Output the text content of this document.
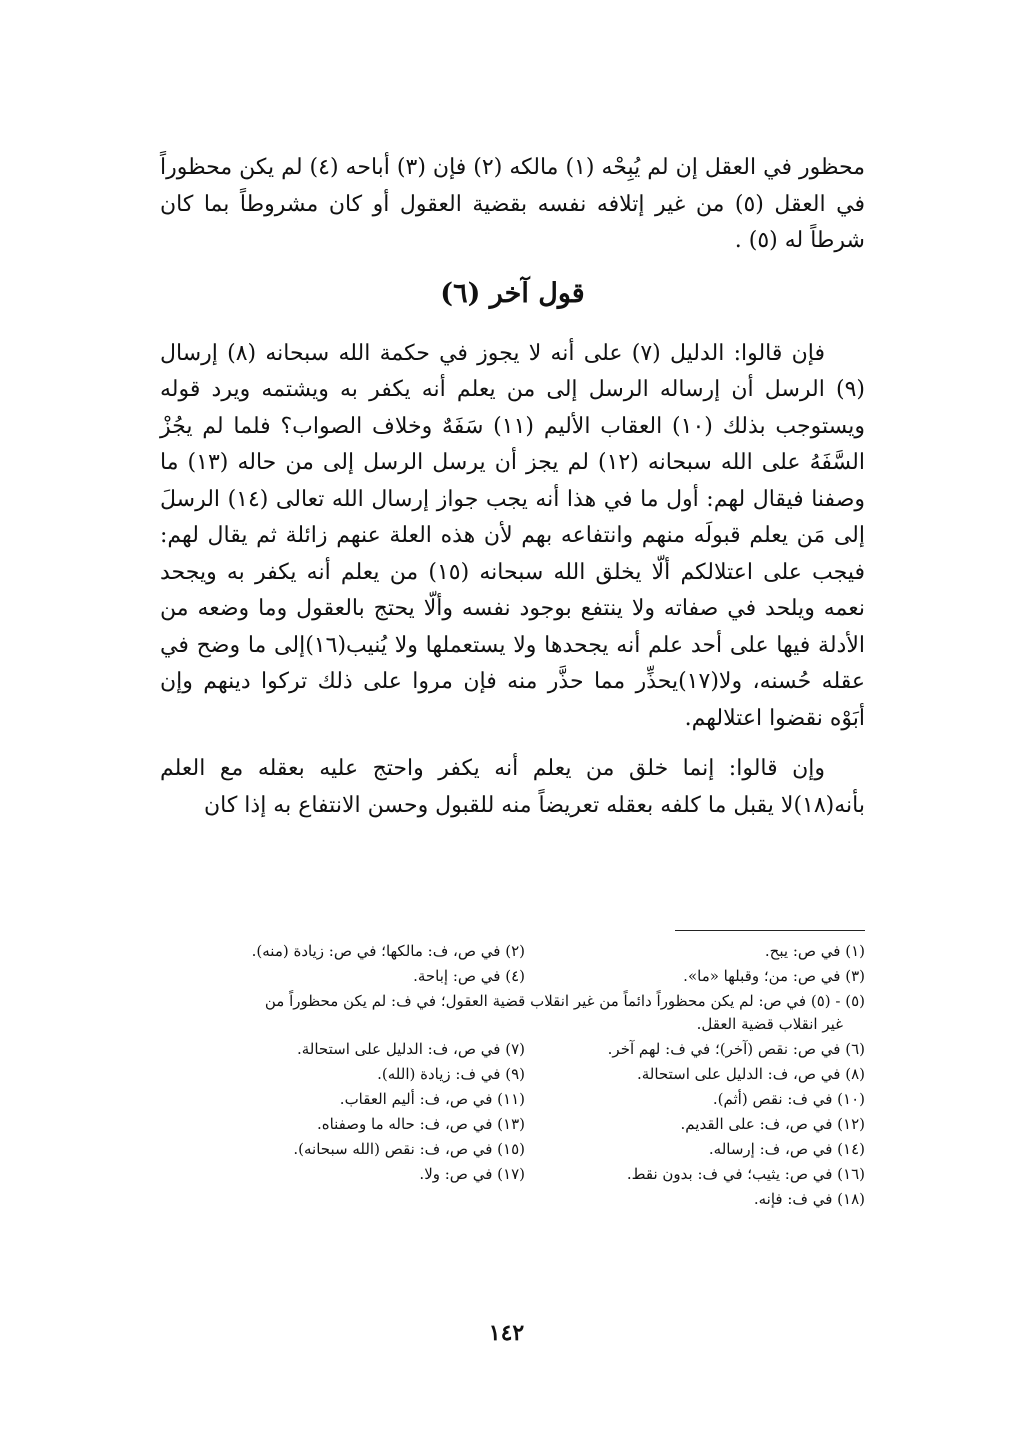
محظور في العقل إن لم يُبِحْه (١) مالكه (٢) فإن (٣) أباحه (٤) لم يكن محظوراً في العقل (٥) من غير إتلافه نفسه بقضية العقول أو كان مشروطاً بما كان شرطاً له (٥) .

قول آخر (٦)

فإن قالوا: الدليل (٧) على أنه لا يجوز في حكمة الله سبحانه (٨) إرسال (٩) الرسل أن إرساله الرسل إلى من يعلم أنه يكفر به ويشتمه ويرد قوله ويستوجب بذلك (١٠) العقاب الأليم (١١) سَفَهٌ وخلاف الصواب؟ فلما لم يجُزْ السَّفَهُ على الله سبحانه (١٢) لم يجز أن يرسل الرسل إلى من حاله (١٣) ما وصفنا فيقال لهم: أول ما في هذا أنه يجب جواز إرسال الله تعالى (١٤) الرسلَ إلى مَن يعلم قبولَه منهم وانتفاعه بهم لأن هذه العلة عنهم زائلة ثم يقال لهم: فيجب على اعتلالكم ألّا يخلق الله سبحانه (١٥) من يعلم أنه يكفر به ويجحد نعمه ويلحد في صفاته ولا ينتفع بوجود نفسه وألّا يحتج بالعقول وما وضعه من الأدلة فيها على أحد علم أنه يجحدها ولا يستعملها ولا يُنيب(١٦)إلى ما وضح في عقله حُسنه، ولا(١٧)يحذِّر مما حذَّر منه فإن مروا على ذلك تركوا دينهم وإن أبَوْه نقضوا اعتلالهم.

وإن قالوا: إنما خلق من يعلم أنه يكفر واحتج عليه بعقله مع العلم بأنه(١٨)لا يقبل ما كلفه بعقله تعريضاً منه للقبول وحسن الانتفاع به إذا كان

(١) في ص: يبح.
(٢) في ص، ف: مالكها؛ في ص: زيادة (منه).
(٣) في ص: من؛ وقبلها «ما».
(٤) في ص: إباحة.
(٥) - (٥) في ص: لم يكن محظوراً دائماً من غير انقلاب قضية العقول؛ في ف: لم يكن محظوراً من
غير انقلاب قضية العقل.
(٦) في ص: نقص (آخر)؛ في ف: لهم آخر.
(٧) في ص، ف: الدليل على استحالة.
(٨) في ص، ف: الدليل على استحالة.
(٩) في ف: زيادة (الله).
(١٠) في ف: نقص (أثم).
(١١) في ص، ف: أليم العقاب.
(١٢) في ص، ف: على القديم.
(١٣) في ص، ف: حاله ما وصفناه.
(١٤) في ص، ف: إرساله.
(١٥) في ص، ف: نقص (الله سبحانه).
(١٦) في ص: يثيب؛ في ف: بدون نقط.
(١٧) في ص: ولا.
(١٨) في ف: فإنه.
١٤٢
